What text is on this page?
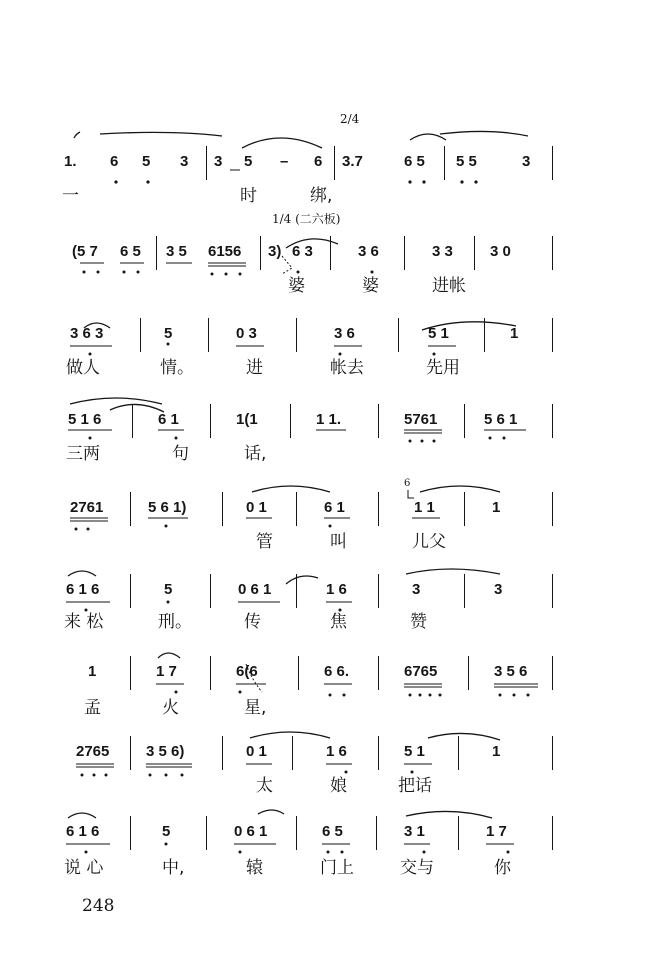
2/4
1. 6 5 3 3 5 – 6 3.7	6 5 5 5	3
一	时	绑,
1/4 (二六板)
(5 7 6 5 3 5 6156 3) 6 3	3 6	3 3 3 0
婆	婆	进帐
3 6 3	5	0 3	3 6	5 1	1
做人	情。	进	帐去	先用
5 1 6	6 1	1(1	1 1.	5761	5 6 1
三两	句	话,
2761	5 6 1)	0 1	6 1
6
1 1	1
管	叫	儿父
6 1 6	5	0 6 1	1 6	3	3
来 松	刑。	传	焦	赞
1	1 7	6(6	6 6.	6765	3 5 6
孟	火	星,
2765 3 5 6)	0 1	1 6	5 1	1
太	娘	把话
6 1 6	5	0 6 1	6 5	3 1	1 7
说 心	中,	辕	门上	交与	你
248
